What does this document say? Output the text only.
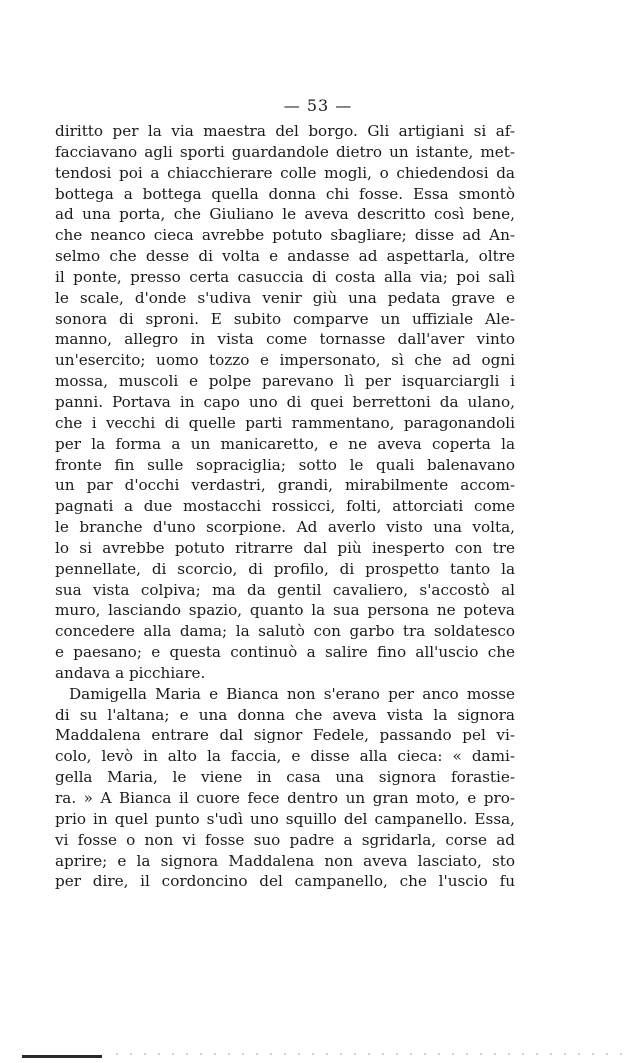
— 53 —
diritto per la via maestra del borgo. Gli artigiani si af-
facciavano agli sporti guardandole dietro un istante, met-
tendosi poi a chiacchierare colle mogli, o chiedendosi da
bottega a bottega quella donna chi fosse. Essa smontò
ad una porta, che Giuliano le aveva descritto così bene,
che neanco cieca avrebbe potuto sbagliare; disse ad An-
selmo che desse di volta e andasse ad aspettarla, oltre
il ponte, presso certa casuccia di costa alla via; poi salì
le scale, d'onde s'udiva venir giù una pedata grave e
sonora di sproni. E subito comparve un uffiziale Ale-
manno, allegro in vista come tornasse dall'aver vinto
un'esercito; uomo tozzo e impersonato, sì che ad ogni
mossa, muscoli e polpe parevano lì per isquarciargli i
panni. Portava in capo uno di quei berrettoni da ulano,
che i vecchi di quelle parti rammentano, paragonandoli
per la forma a un manicaretto, e ne aveva coperta la
fronte fin sulle sopraciglia; sotto le quali balenavano
un par d'occhi verdastri, grandi, mirabilmente accom-
pagnati a due mostacchi rossicci, folti, attorciati come
le branche d'uno scorpione. Ad averlo visto una volta,
lo si avrebbe potuto ritrarre dal più inesperto con tre
pennellate, di scorcio, di profilo, di prospetto tanto la
sua vista colpiva; ma da gentil cavaliero, s'accostò al
muro, lasciando spazio, quanto la sua persona ne poteva
concedere alla dama; la salutò con garbo tra soldatesco
e paesano; e questa continuò a salire fino all'uscio che
andava a picchiare.
Damigella Maria e Bianca non s'erano per anco mosse
di su l'altana; e una donna che aveva vista la signora
Maddalena entrare dal signor Fedele, passando pel vi-
colo, levò in alto la faccia, e disse alla cieca: « dami-
gella Maria, le viene in casa una signora forastie-
ra. » A Bianca il cuore fece dentro un gran moto, e pro-
prio in quel punto s'udì uno squillo del campanello. Essa,
vi fosse o non vi fosse suo padre a sgridarla, corse ad
aprire; e la signora Maddalena non aveva lasciato, sto
per dire, il cordoncino del campanello, che l'uscio fu
